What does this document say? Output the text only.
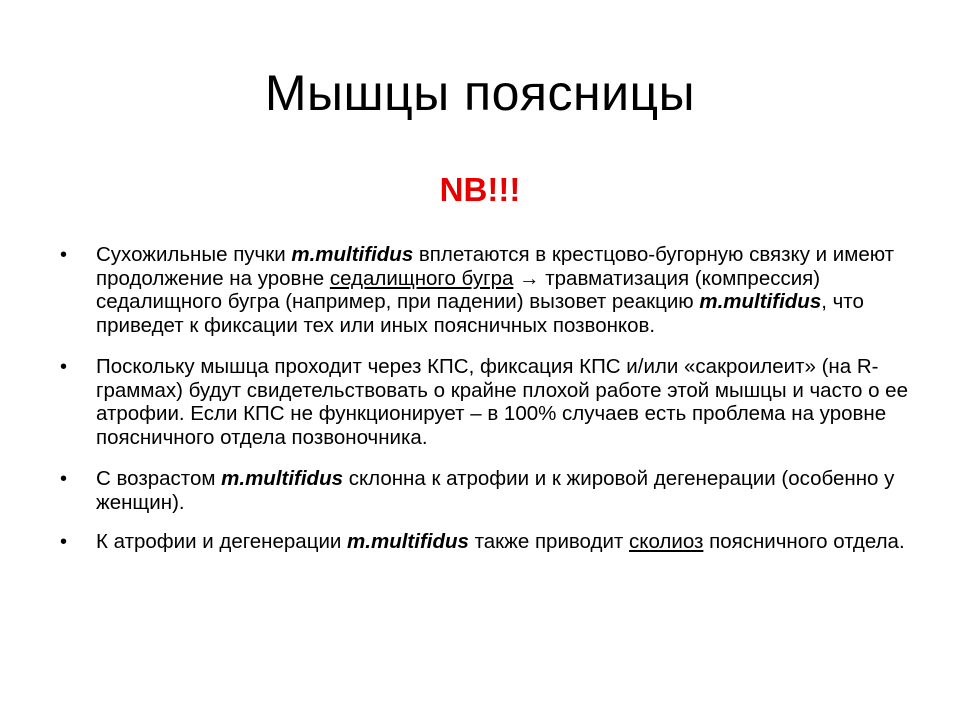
Мышцы поясницы
NB!!!
• Сухожильные пучки m.multifidus вплетаются в крестцово-бугорную связку и имеют продолжение на уровне седалищного бугра → травматизация (компрессия) седалищного бугра (например, при падении) вызовет реакцию m.multifidus, что приведет к фиксации тех или иных поясничных позвонков.
• Поскольку мышца проходит через КПС, фиксация КПС и/или «сакроилеит» (на R-граммах) будут свидетельствовать о крайне плохой работе этой мышцы и часто о ее атрофии. Если КПС не функционирует – в 100% случаев есть проблема на уровне поясничного отдела позвоночника.
• С возрастом m.multifidus склонна к атрофии и к жировой дегенерации (особенно у женщин).
• К атрофии и дегенерации m.multifidus также приводит сколиоз поясничного отдела.
